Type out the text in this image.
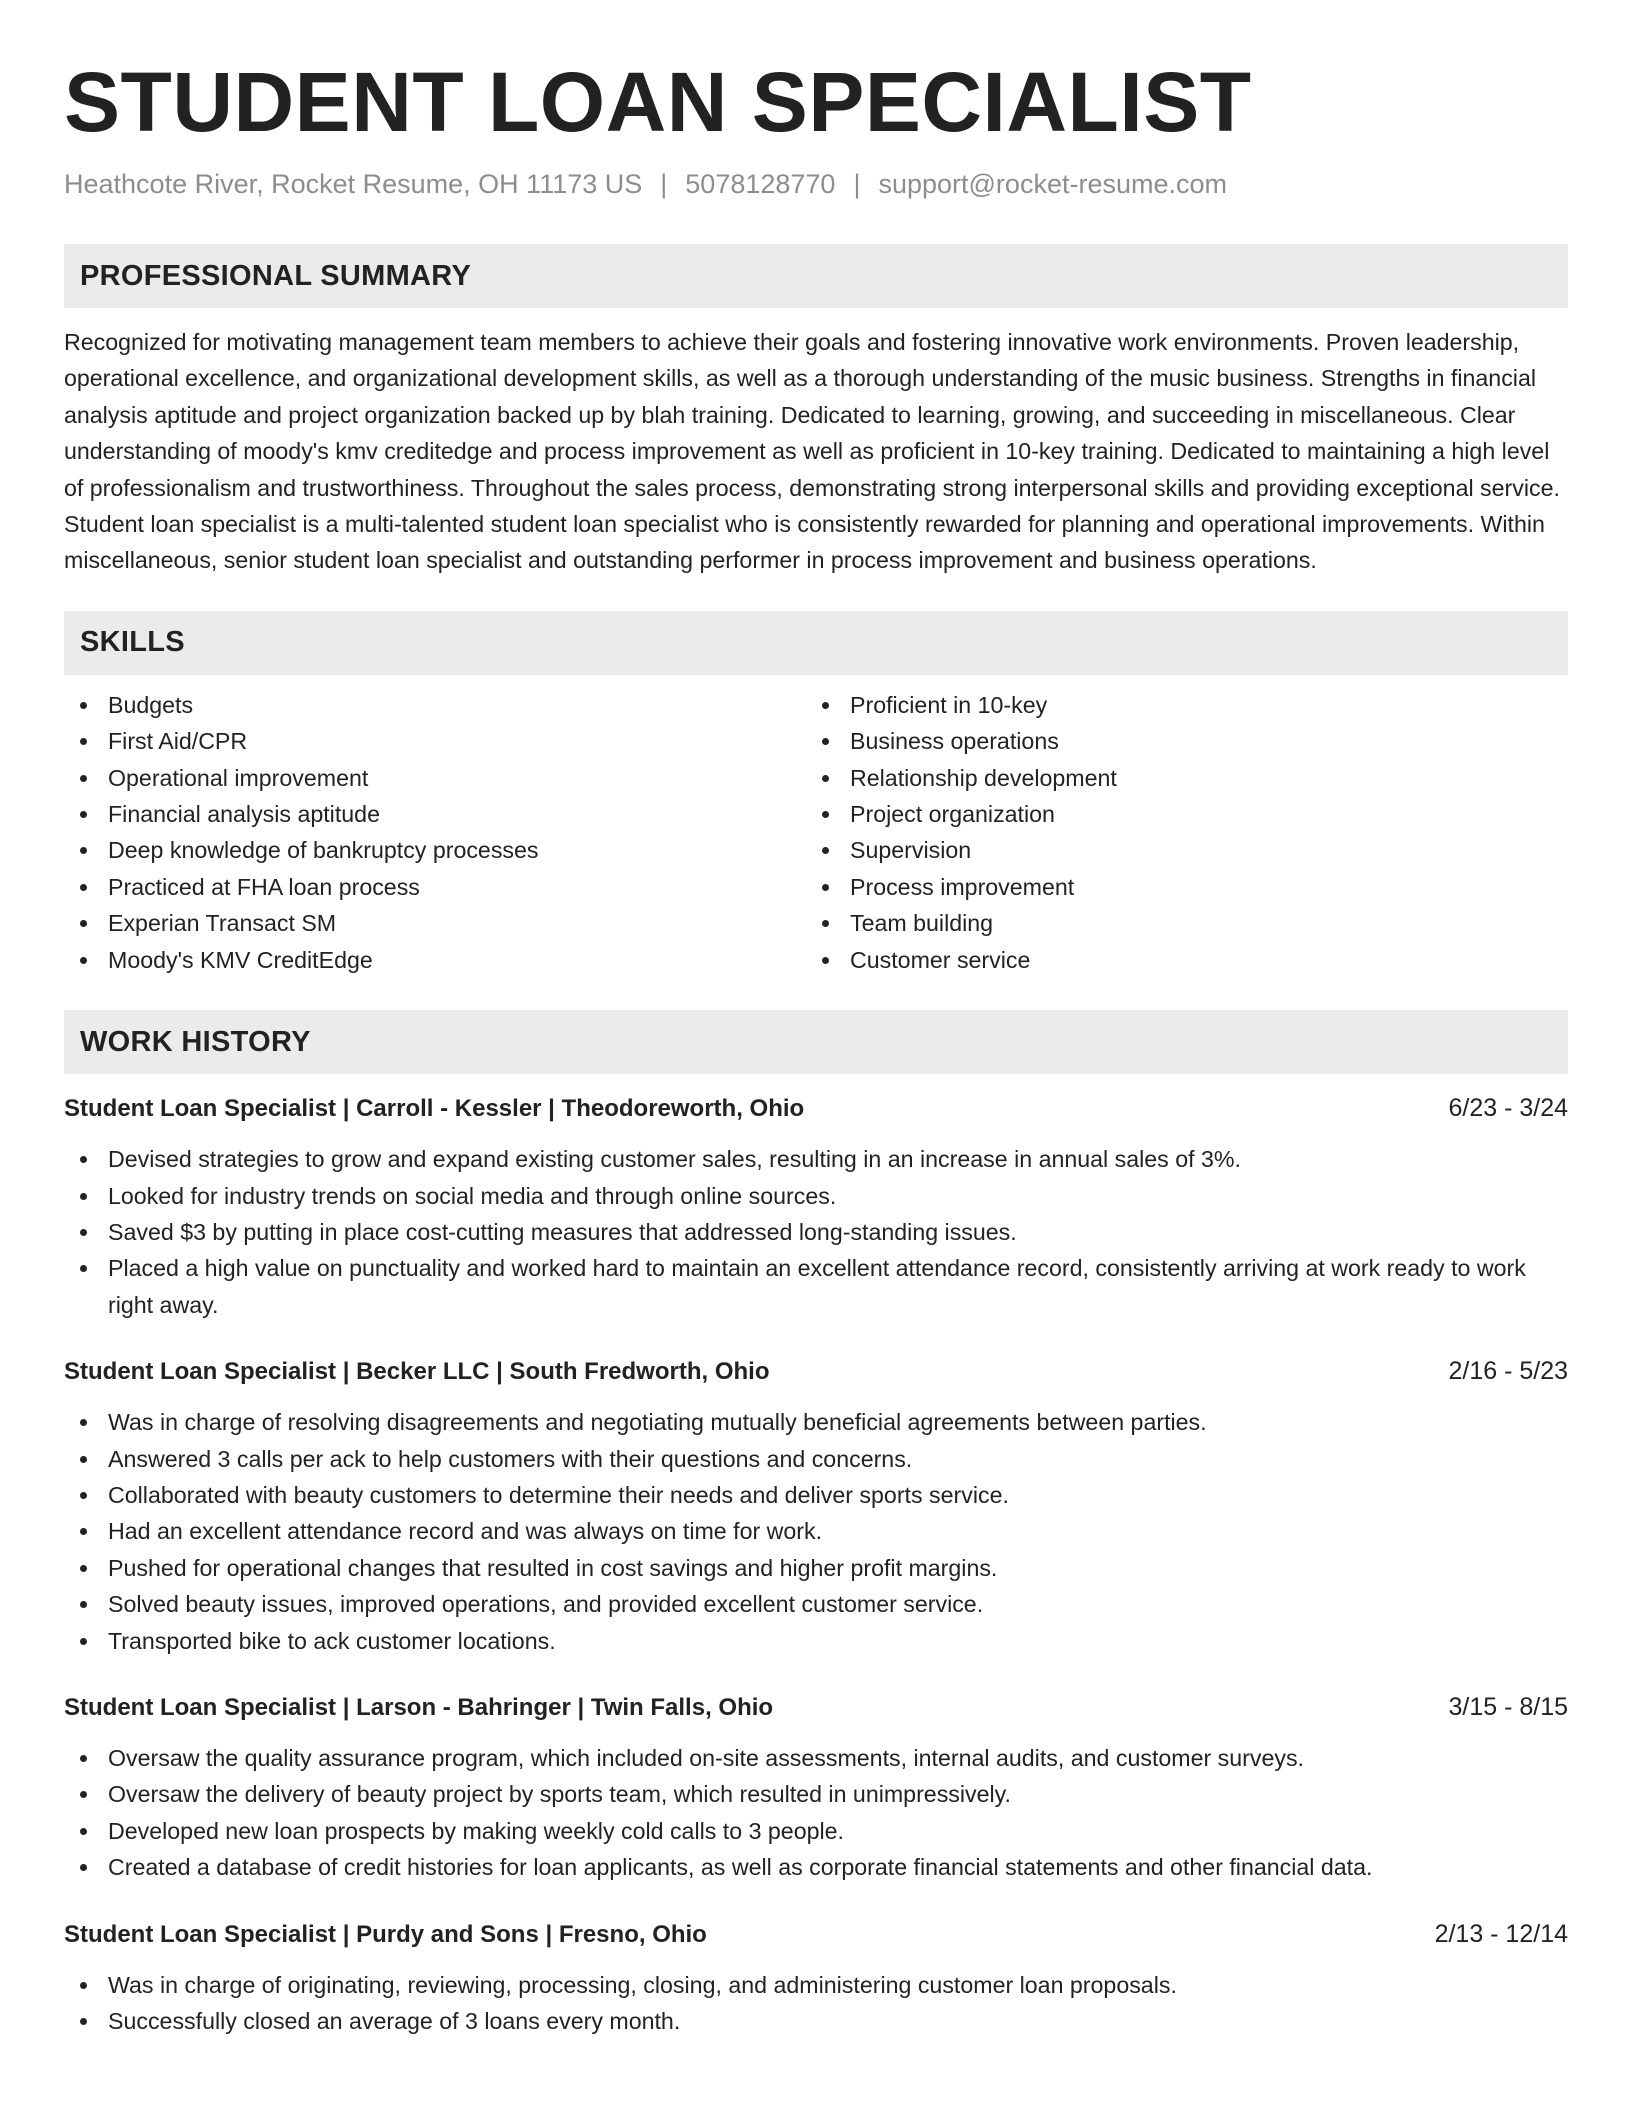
STUDENT LOAN SPECIALIST
Heathcote River, Rocket Resume, OH 11173 US | 5078128770 | support@rocket-resume.com
PROFESSIONAL SUMMARY
Recognized for motivating management team members to achieve their goals and fostering innovative work environments. Proven leadership, operational excellence, and organizational development skills, as well as a thorough understanding of the music business. Strengths in financial analysis aptitude and project organization backed up by blah training. Dedicated to learning, growing, and succeeding in miscellaneous. Clear understanding of moody's kmv creditedge and process improvement as well as proficient in 10-key training. Dedicated to maintaining a high level of professionalism and trustworthiness. Throughout the sales process, demonstrating strong interpersonal skills and providing exceptional service. Student loan specialist is a multi-talented student loan specialist who is consistently rewarded for planning and operational improvements. Within miscellaneous, senior student loan specialist and outstanding performer in process improvement and business operations.
SKILLS
Budgets
First Aid/CPR
Operational improvement
Financial analysis aptitude
Deep knowledge of bankruptcy processes
Practiced at FHA loan process
Experian Transact SM
Moody's KMV CreditEdge
Proficient in 10-key
Business operations
Relationship development
Project organization
Supervision
Process improvement
Team building
Customer service
WORK HISTORY
Student Loan Specialist | Carroll - Kessler | Theodoreworth, Ohio	6/23 - 3/24
Devised strategies to grow and expand existing customer sales, resulting in an increase in annual sales of 3%.
Looked for industry trends on social media and through online sources.
Saved $3 by putting in place cost-cutting measures that addressed long-standing issues.
Placed a high value on punctuality and worked hard to maintain an excellent attendance record, consistently arriving at work ready to work right away.
Student Loan Specialist | Becker LLC | South Fredworth, Ohio	2/16 - 5/23
Was in charge of resolving disagreements and negotiating mutually beneficial agreements between parties.
Answered 3 calls per ack to help customers with their questions and concerns.
Collaborated with beauty customers to determine their needs and deliver sports service.
Had an excellent attendance record and was always on time for work.
Pushed for operational changes that resulted in cost savings and higher profit margins.
Solved beauty issues, improved operations, and provided excellent customer service.
Transported bike to ack customer locations.
Student Loan Specialist | Larson - Bahringer | Twin Falls, Ohio	3/15 - 8/15
Oversaw the quality assurance program, which included on-site assessments, internal audits, and customer surveys.
Oversaw the delivery of beauty project by sports team, which resulted in unimpressively.
Developed new loan prospects by making weekly cold calls to 3 people.
Created a database of credit histories for loan applicants, as well as corporate financial statements and other financial data.
Student Loan Specialist | Purdy and Sons | Fresno, Ohio	2/13 - 12/14
Was in charge of originating, reviewing, processing, closing, and administering customer loan proposals.
Successfully closed an average of 3 loans every month.
